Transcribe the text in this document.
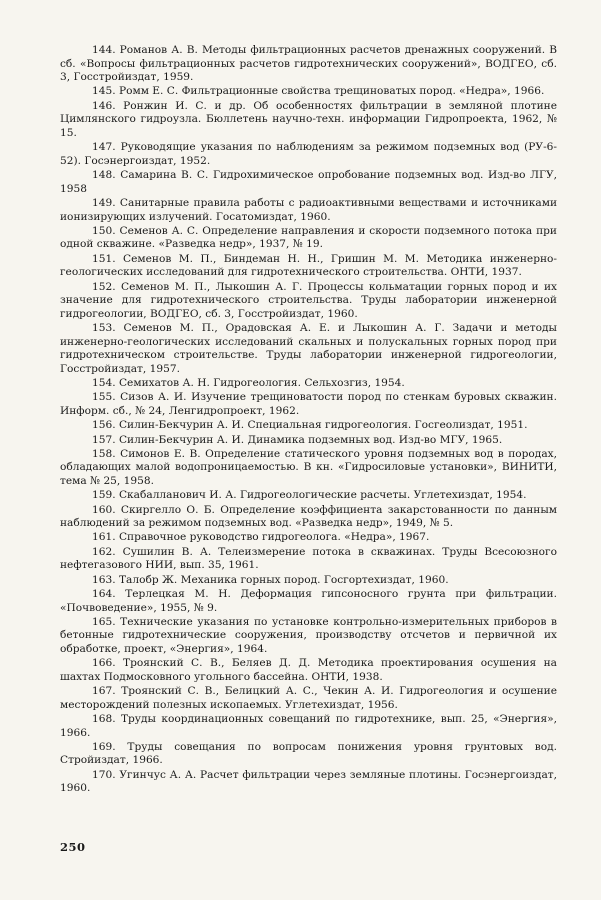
144. Романов А. В. Методы фильтрационных расчетов дренажных сооружений. В сб. «Вопросы фильтрационных расчетов гидротехнических сооружений», ВОДГЕО, сб. 3, Госстройиздат, 1959.

145. Ромм Е. С. Фильтрационные свойства трещиноватых пород. «Недра», 1966.

146. Ронжин И. С. и др. Об особенностях фильтрации в земляной плотине Цимлянского гидроузла. Бюллетень научно-техн. информации Гидропроекта, 1962, № 15.

147. Руководящие указания по наблюдениям за режимом подземных вод (РУ-6-52). Госэнергоиздат, 1952.

148. Самарина В. С. Гидрохимическое опробование подземных вод. Изд-во ЛГУ, 1958

149. Санитарные правила работы с радиоактивными веществами и источниками ионизирующих излучений. Госатомиздат, 1960.

150. Семенов А. С. Определение направления и скорости подземного потока при одной скважине. «Разведка недр», 1937, № 19.

151. Семенов М. П., Биндеман Н. Н., Гришин М. М. Методика инженерно-геологических исследований для гидротехнического строительства. ОНТИ, 1937.

152. Семенов М. П., Лыкошин А. Г. Процессы кольматации горных пород и их значение для гидротехнического строительства. Труды лаборатории инженерной гидрогеологии, ВОДГЕО, сб. 3, Госстройиздат, 1960.

153. Семенов М. П., Орадовская А. Е. и Лыкошин А. Г. Задачи и методы инженерно-геологических исследований скальных и полускальных горных пород при гидротехническом строительстве. Труды лаборатории инженерной гидрогеологии, Госстройиздат, 1957.

154. Семихатов А. Н. Гидрогеология. Сельхозгиз, 1954.

155. Сизов А. И. Изучение трещиноватости пород по стенкам буровых скважин. Информ. сб., № 24, Ленгидропроект, 1962.

156. Силин-Бекчурин А. И. Специальная гидрогеология. Госгеолиздат, 1951.

157. Силин-Бекчурин А. И. Динамика подземных вод. Изд-во МГУ, 1965.

158. Симонов Е. В. Определение статического уровня подземных вод в породах, обладающих малой водопроницаемостью. В кн. «Гидросиловые установки», ВИНИТИ, тема № 25, 1958.

159. Скабалланович И. А. Гидрогеологические расчеты. Углетехиздат, 1954.

160. Скиргелло О. Б. Определение коэффициента закарстованности по данным наблюдений за режимом подземных вод. «Разведка недр», 1949, № 5.

161. Справочное руководство гидрогеолога. «Недра», 1967.

162. Сушилин В. А. Телеизмерение потока в скважинах. Труды Всесоюзного нефтегазового НИИ, вып. 35, 1961.

163. Талобр Ж. Механика горных пород. Госгортехиздат, 1960.

164. Терлецкая М. Н. Деформация гипсоносного грунта при фильтрации. «Почвоведение», 1955, № 9.

165. Технические указания по установке контрольно-измерительных приборов в бетонные гидротехнические сооружения, производству отсчетов и первичной их обработке, проект, «Энергия», 1964.

166. Троянский С. В., Беляев Д. Д. Методика проектирования осушения на шахтах Подмосковного угольного бассейна. ОНТИ, 1938.

167. Троянский С. В., Белицкий А. С., Чекин А. И. Гидрогеология и осушение месторождений полезных ископаемых. Углетехиздат, 1956.

168. Труды координационных совещаний по гидротехнике, вып. 25, «Энергия», 1966.

169. Труды совещания по вопросам понижения уровня грунтовых вод. Стройиздат, 1966.

170. Угинчус А. А. Расчет фильтрации через земляные плотины. Госэнергоиздат, 1960.

250
